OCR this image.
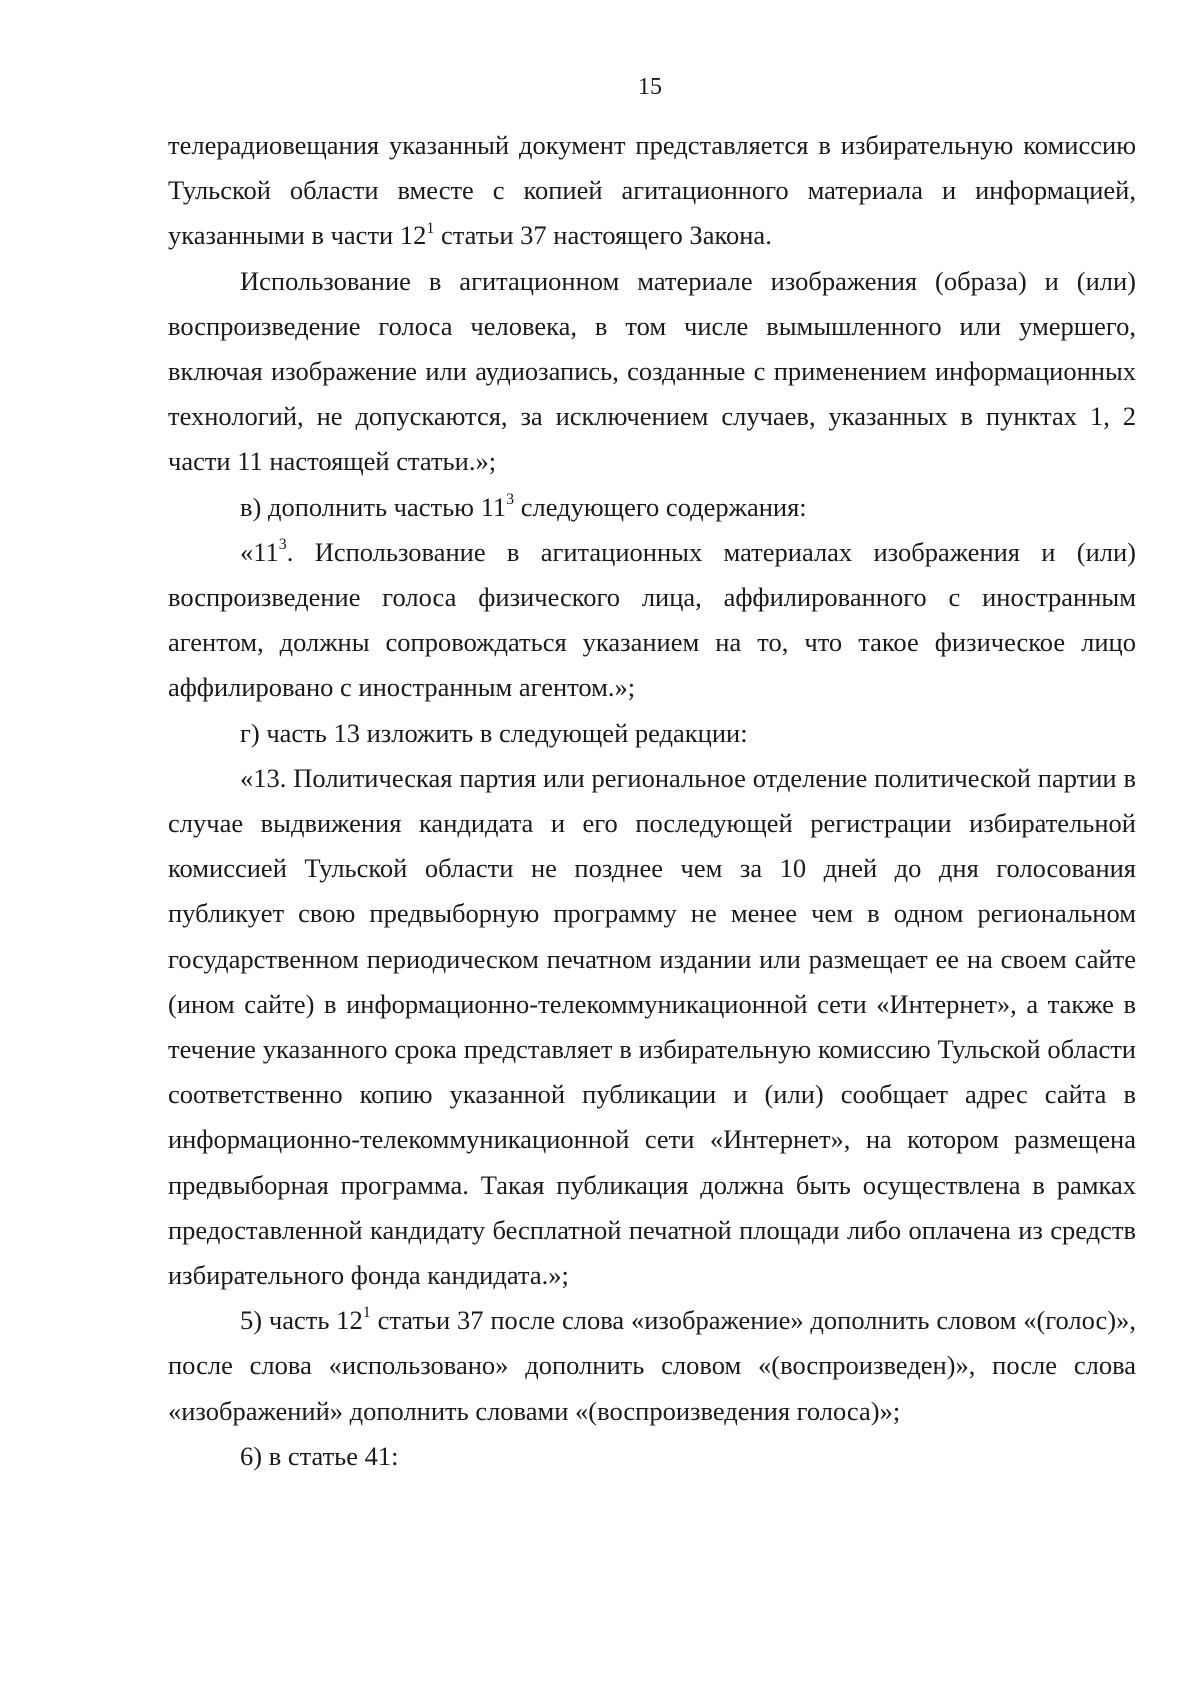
15

телерадиовещания указанный документ представляется в избирательную комиссию Тульской области вместе с копией агитационного материала и информацией, указанными в части $12^1$ статьи 37 настоящего Закона.

Использование в агитационном материале изображения (образа) и (или) воспроизведение голоса человека, в том числе вымышленного или умершего, включая изображение или аудиозапись, созданные с применением информационных технологий, не допускаются, за исключением случаев, указанных в пунктах 1, 2 части 11 настоящей статьи.»;

в) дополнить частью $11^3$ следующего содержания:

«$11^3$. Использование в агитационных материалах изображения и (или) воспроизведение голоса физического лица, аффилированного с иностранным агентом, должны сопровождаться указанием на то, что такое физическое лицо аффилировано с иностранным агентом.»;

г) часть 13 изложить в следующей редакции:

«13. Политическая партия или региональное отделение политической партии в случае выдвижения кандидата и его последующей регистрации избирательной комиссией Тульской области не позднее чем за 10 дней до дня голосования публикует свою предвыборную программу не менее чем в одном региональном государственном периодическом печатном издании или размещает ее на своем сайте (ином сайте) в информационно-телекоммуникационной сети «Интернет», а также в течение указанного срока представляет в избирательную комиссию Тульской области соответственно копию указанной публикации и (или) сообщает адрес сайта в информационно-телекоммуникационной сети «Интернет», на котором размещена предвыборная программа. Такая публикация должна быть осуществлена в рамках предоставленной кандидату бесплатной печатной площади либо оплачена из средств избирательного фонда кандидата.»;

5) часть $12^1$ статьи 37 после слова «изображение» дополнить словом «(голос)», после слова «использовано» дополнить словом «(воспроизведен)», после слова «изображений» дополнить словами «(воспроизведения голоса)»;

6) в статье 41:
